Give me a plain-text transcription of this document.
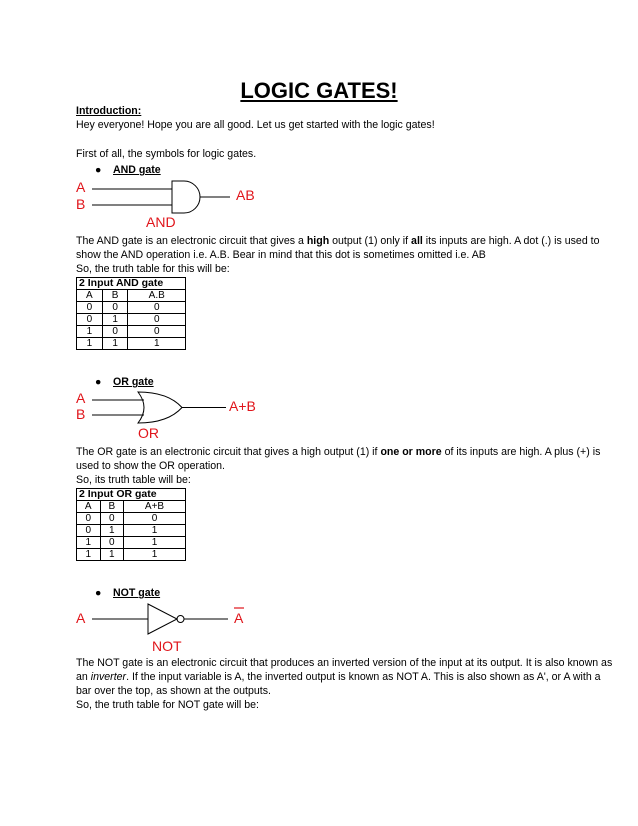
LOGIC GATES!
Introduction:
Hey everyone! Hope you are all good. Let us get started with the logic gates!
First of all, the symbols for logic gates.
● AND gate
A
B
AB
AND
The AND gate is an electronic circuit that gives a high output (1) only if all its inputs are high. A dot (.) is used to
show the AND operation i.e. A.B. Bear in mind that this dot is sometimes omitted i.e. AB
So, the truth table for this will be:
2 Input AND gate		
A	B	A.B
0	0	0
0	1	0
1	0	0
1	1	1
● OR gate
A
B	A+B
OR
The OR gate is an electronic circuit that gives a high output (1) if one or more of its inputs are high. A plus (+) is
used to show the OR operation.
So, its truth table will be:
2 Input OR gate		
A	B	A+B
0	0	0
0	1	1
1	0	1
1	1	1
● NOT gate
A	A
NOT
The NOT gate is an electronic circuit that produces an inverted version of the input at its output. It is also known as
an inverter. If the input variable is A, the inverted output is known as NOT A. This is also shown as A', or A with a
bar over the top, as shown at the outputs.
So, the truth table for NOT gate will be:
